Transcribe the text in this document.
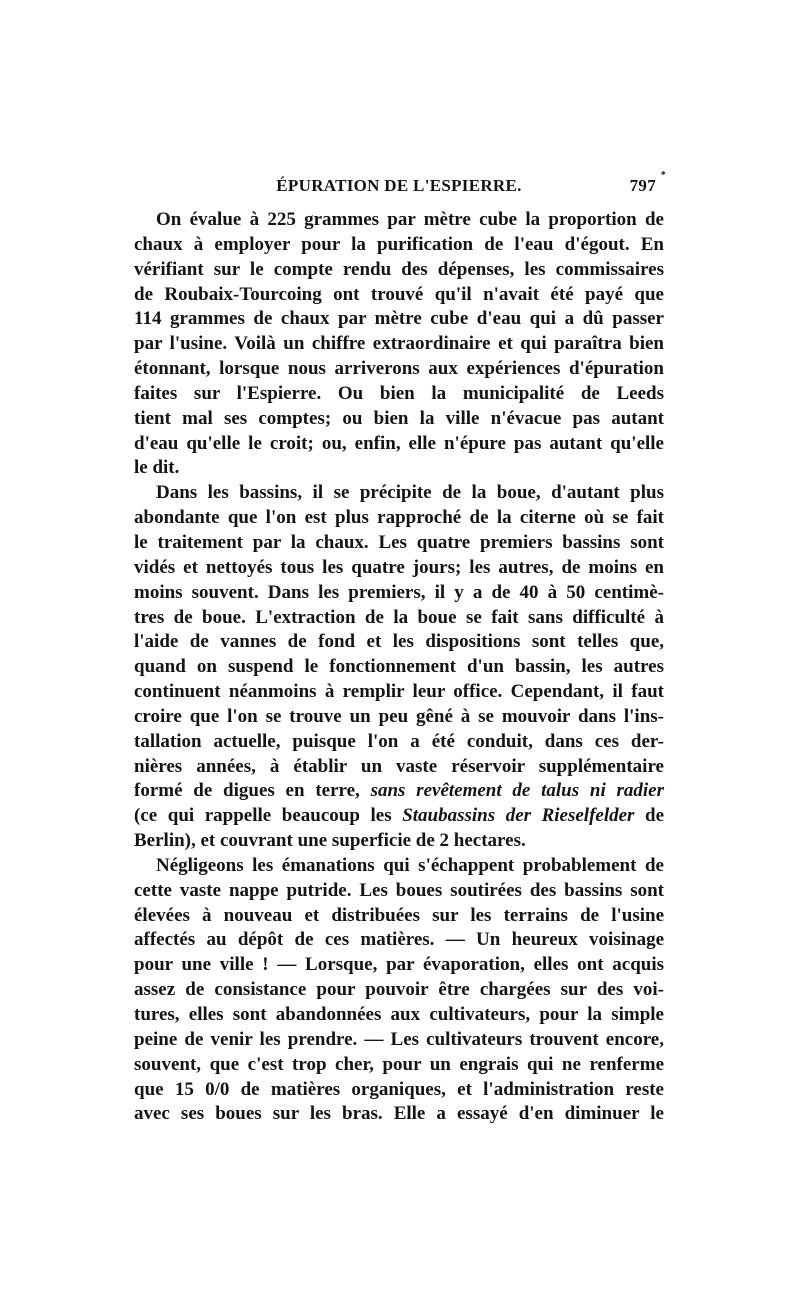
ÉPURATION DE L'ESPIERRE.	797
*
On évalue à 225 grammes par mètre cube la proportion de
chaux à employer pour la purification de l'eau d'égout. En
vérifiant sur le compte rendu des dépenses, les commissaires
de Roubaix-Tourcoing ont trouvé qu'il n'avait été payé que
114 grammes de chaux par mètre cube d'eau qui a dû passer
par l'usine. Voilà un chiffre extraordinaire et qui paraîtra bien
étonnant, lorsque nous arriverons aux expériences d'épuration
faites sur l'Espierre. Ou bien la municipalité de Leeds
tient mal ses comptes; ou bien la ville n'évacue pas autant
d'eau qu'elle le croit; ou, enfin, elle n'épure pas autant qu'elle
le dit.
Dans les bassins, il se précipite de la boue, d'autant plus
abondante que l'on est plus rapproché de la citerne où se fait
le traitement par la chaux. Les quatre premiers bassins sont
vidés et nettoyés tous les quatre jours; les autres, de moins en
moins souvent. Dans les premiers, il y a de 40 à 50 centimè-
tres de boue. L'extraction de la boue se fait sans difficulté à
l'aide de vannes de fond et les dispositions sont telles que,
quand on suspend le fonctionnement d'un bassin, les autres
continuent néanmoins à remplir leur office. Cependant, il faut
croire que l'on se trouve un peu gêné à se mouvoir dans l'ins-
tallation actuelle, puisque l'on a été conduit, dans ces der-
nières années, à établir un vaste réservoir supplémentaire
formé de digues en terre, sans revêtement de talus ni radier
(ce qui rappelle beaucoup les Staubassins der Rieselfelder de
Berlin), et couvrant une superficie de 2 hectares.
Négligeons les émanations qui s'échappent probablement de
cette vaste nappe putride. Les boues soutirées des bassins sont
élevées à nouveau et distribuées sur les terrains de l'usine
affectés au dépôt de ces matières. — Un heureux voisinage
pour une ville ! — Lorsque, par évaporation, elles ont acquis
assez de consistance pour pouvoir être chargées sur des voi-
tures, elles sont abandonnées aux cultivateurs, pour la simple
peine de venir les prendre. — Les cultivateurs trouvent encore,
souvent, que c'est trop cher, pour un engrais qui ne renferme
que 15 0/0 de matières organiques, et l'administration reste
avec ses boues sur les bras. Elle a essayé d'en diminuer le
